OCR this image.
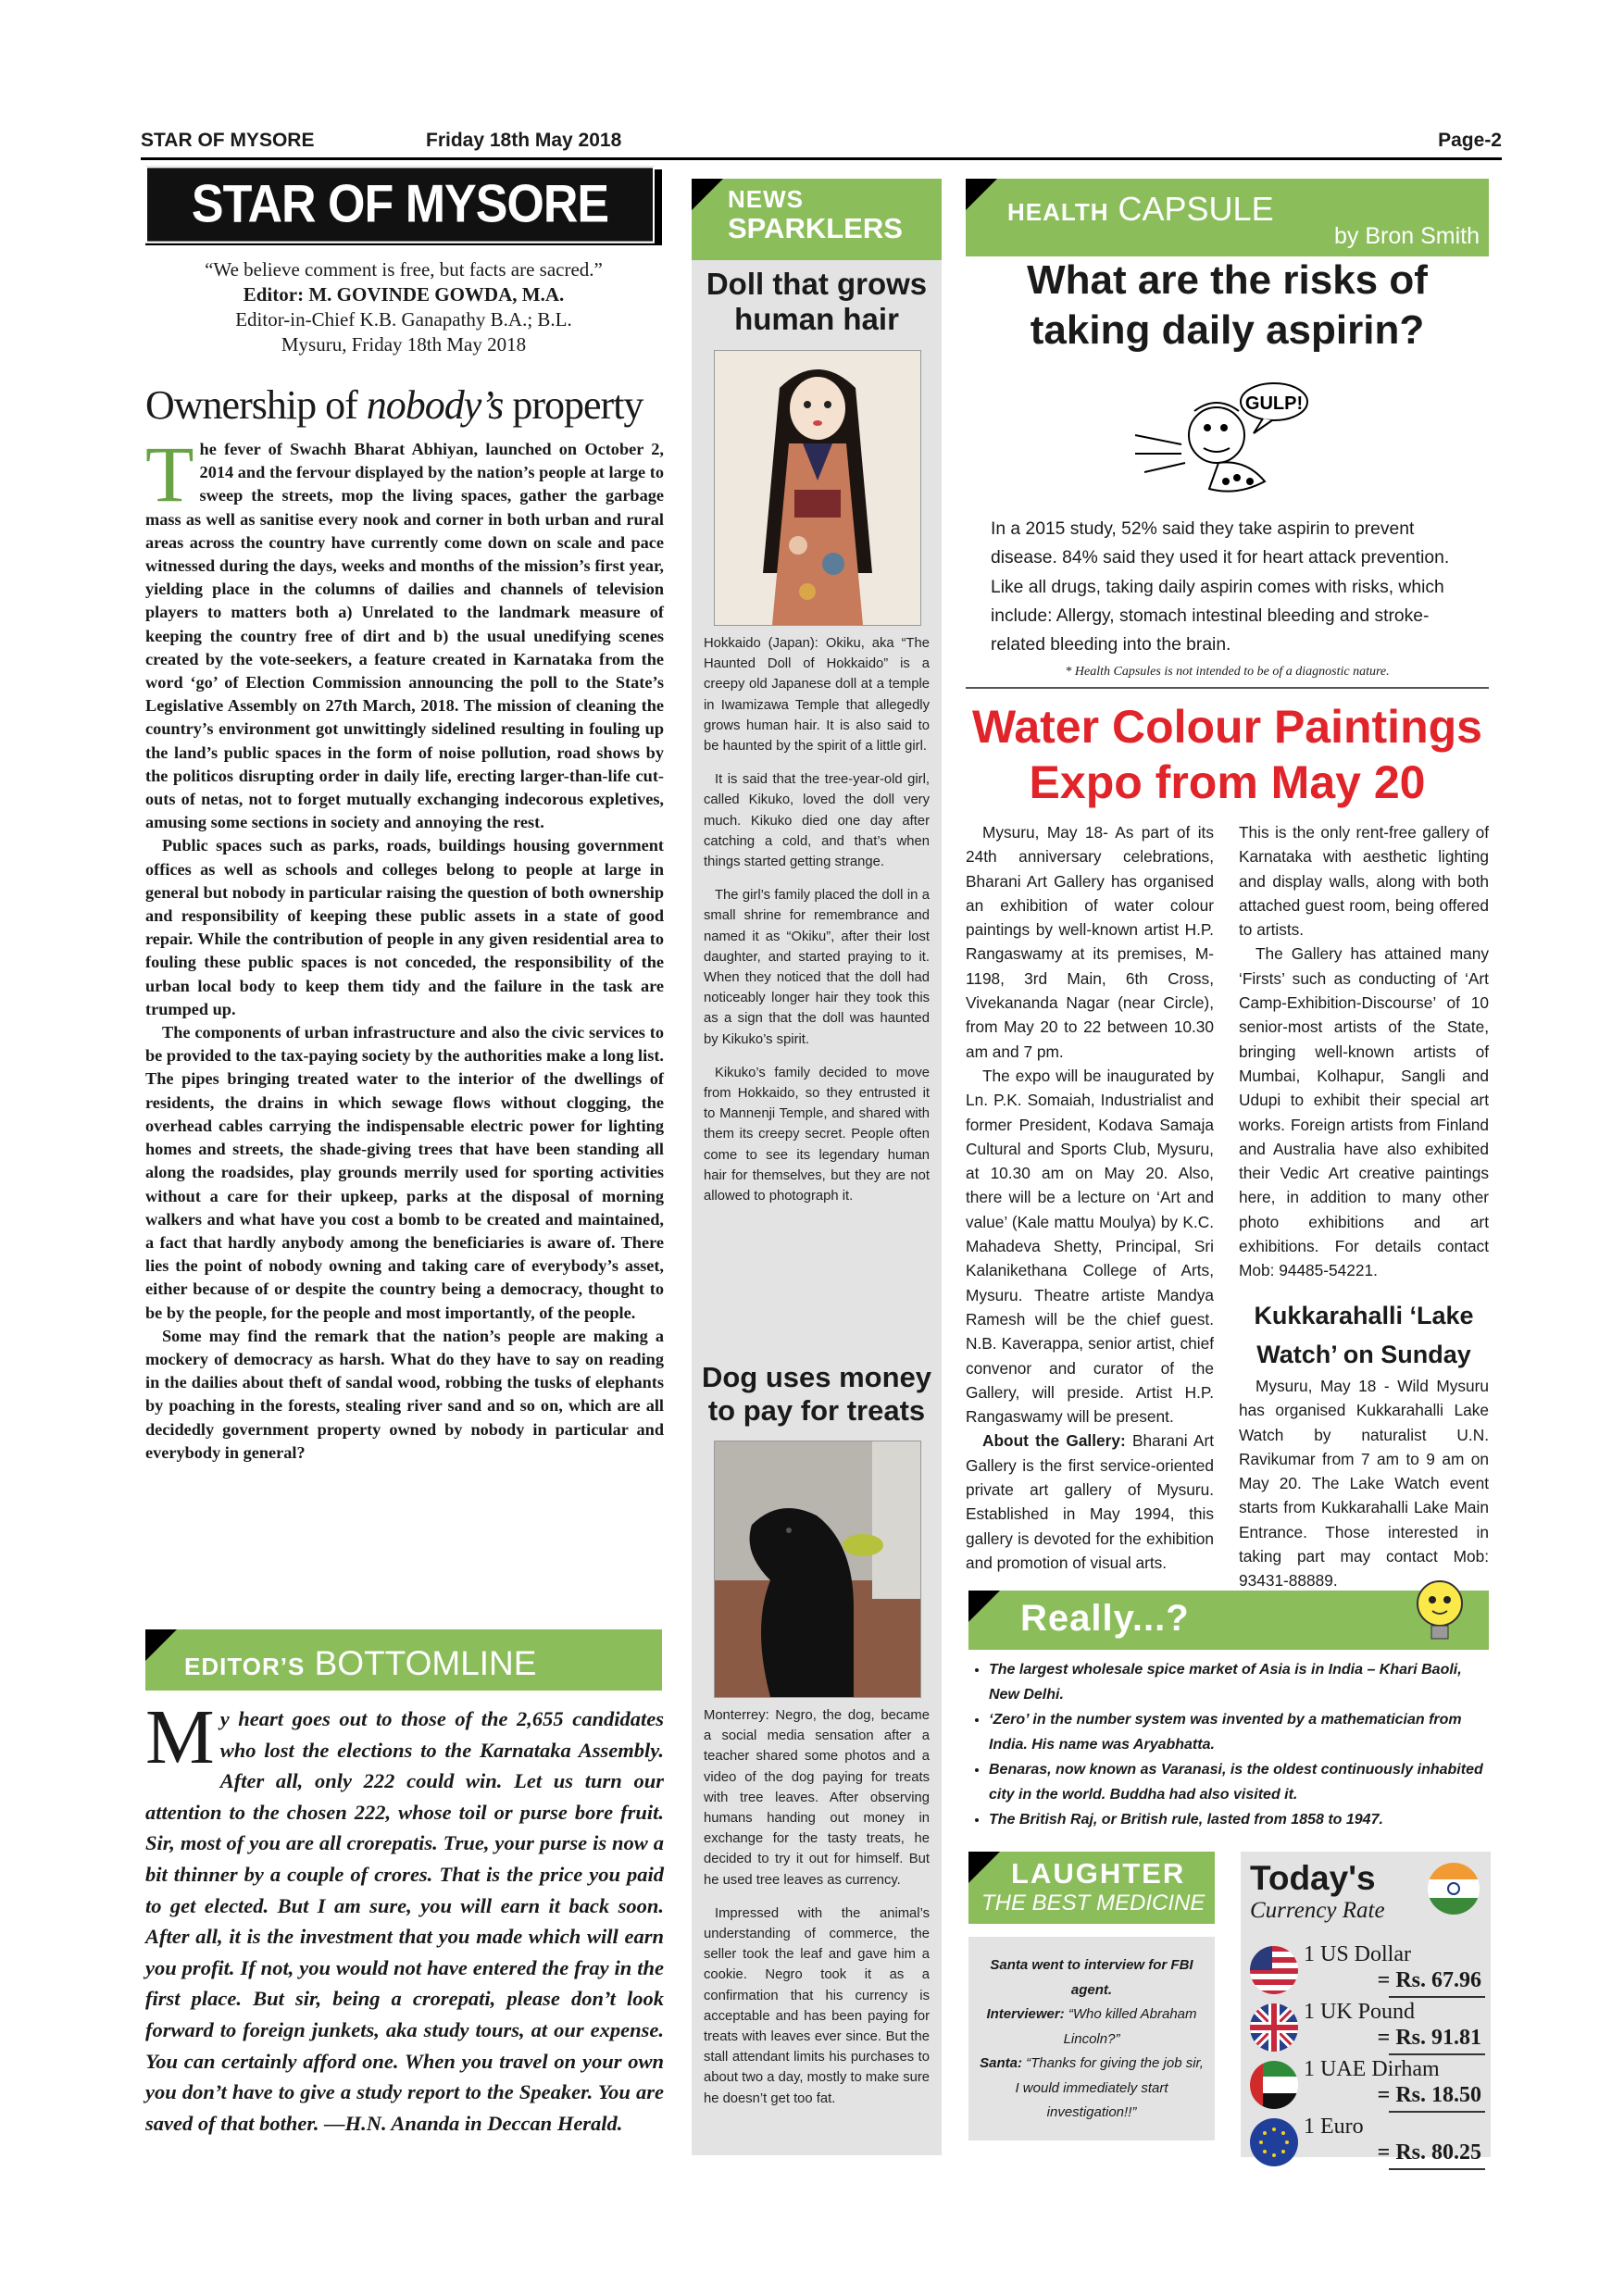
STAR OF MYSORE	Friday 18th May 2018	Page-2
STAR OF MYSORE
“We believe comment is free, but facts are sacred.”
Editor: M. GOVINDE GOWDA, M.A.
Editor-in-Chief K.B. Ganapathy B.A.; B.L.
Mysuru, Friday 18th May 2018
Ownership of nobody’s property

The fever of Swachh Bharat Abhiyan, launched on October 2, 2014 and the fervour displayed by the nation’s people at large to sweep the streets, mop the living spaces, gather the garbage mass as well as sanitise every nook and corner in both urban and rural areas across the country have currently come down on scale and pace witnessed during the days, weeks and months of the mission’s first year, yielding place in the columns of dailies and channels of television players to matters both a) Unrelated to the landmark measure of keeping the country free of dirt and b) the usual unedifying scenes created by the vote-seekers, a feature created in Karnataka from the word ‘go’ of Election Commission announcing the poll to the State’s Legislative Assembly on 27th March, 2018. The mission of cleaning the country’s environment got unwittingly sidelined resulting in fouling up the land’s public spaces in the form of noise pollution, road shows by the politicos disrupting order in daily life, erecting larger-than-life cut-outs of netas, not to forget mutually exchanging indecorous expletives, amusing some sections in society and annoying the rest.

Public spaces such as parks, roads, buildings housing government offices as well as schools and colleges belong to people at large in general but nobody in particular raising the question of both ownership and responsibility of keeping these public assets in a state of good repair. While the contribution of people in any given residential area to fouling these public spaces is not conceded, the responsibility of the urban local body to keep them tidy and the failure in the task are trumped up.

The components of urban infrastructure and also the civic services to be provided to the tax-paying society by the authorities make a long list. The pipes bringing treated water to the interior of the dwellings of residents, the drains in which sewage flows without clogging, the overhead cables carrying the indispensable electric power for lighting homes and streets, the shade-giving trees that have been standing all along the roadsides, play grounds merrily used for sporting activities without a care for their upkeep, parks at the disposal of morning walkers and what have you cost a bomb to be created and maintained, a fact that hardly anybody among the beneficiaries is aware of. There lies the point of nobody owning and taking care of everybody’s asset, either because of or despite the country being a democracy, thought to be by the people, for the people and most importantly, of the people.

Some may find the remark that the nation’s people are making a mockery of democracy as harsh. What do they have to say on reading in the dailies about theft of sandal wood, robbing the tusks of elephants by poaching in the forests, stealing river sand and so on, which are all decidedly government property owned by nobody in particular and everybody in general?

EDITOR’S BOTTOMLINE
My heart goes out to those of the 2,655 candidates who lost the elections to the Karnataka Assembly. After all, only 222 could win. Let us turn our attention to the chosen 222, whose toil or purse bore fruit. Sir, most of you are all crorepatis. True, your purse is now a bit thinner by a couple of crores. That is the price you paid to get elected. But I am sure, you will earn it back soon. After all, it is the investment that you made which will earn you profit. If not, you would not have entered the fray in the first place. But sir, being a crorepati, please don’t look forward to foreign junkets, aka study tours, at our expense. You can certainly afford one. When you travel on your own you don’t have to give a study report to the Speaker. You are saved of that bother. —H.N. Ananda in Deccan Herald.
NEWS
SPARKLERS
Doll that grows human hair

Hokkaido (Japan): Okiku, aka “The Haunted Doll of Hokkaido” is a creepy old Japanese doll at a temple in Iwamizawa Temple that allegedly grows human hair. It is also said to be haunted by the spirit of a little girl.

It is said that the tree-year-old girl, called Kikuko, loved the doll very much. Kikuko died one day after catching a cold, and that’s when things started getting strange.

The girl’s family placed the doll in a small shrine for remembrance and named it as “Okiku”, after their lost daughter, and started praying to it. When they noticed that the doll had noticeably longer hair they took this as a sign that the doll was haunted by Kikuko’s spirit.

Kikuko’s family decided to move from Hokkaido, so they entrusted it to Mannenji Temple, and shared with them its creepy secret. People often come to see its legendary human hair for themselves, but they are not allowed to photograph it.

Dog uses money to pay for treats

Monterrey: Negro, the dog, became a social media sensation after a teacher shared some photos and a video of the dog paying for treats with tree leaves. After observing humans handing out money in exchange for the tasty treats, he decided to try it out for himself. But he used tree leaves as currency.

Impressed with the animal’s understanding of commerce, the seller took the leaf and gave him a cookie. Negro took it as a confirmation that his currency is acceptable and has been paying for treats with leaves ever since. But the stall attendant limits his purchases to about two a day, mostly to make sure he doesn’t get too fat.

HEALTH CAPSULE
by Bron Smith
What are the risks of taking daily aspirin?
GULP!
In a 2015 study, 52% said they take aspirin to prevent disease. 84% said they used it for heart attack prevention. Like all drugs, taking daily aspirin comes with risks, which include: Allergy, stomach intestinal bleeding and stroke-related bleeding into the brain.
* Health Capsules is not intended to be of a diagnostic nature.
Water Colour Paintings Expo from May 20

Mysuru, May 18- As part of its 24th anniversary celebrations, Bharani Art Gallery has organised an exhibition of water colour paintings by well-known artist H.P. Rangaswamy at its premises, M-1198, 3rd Main, 6th Cross, Vivekananda Nagar (near Circle), from May 20 to 22 between 10.30 am and 7 pm.

The expo will be inaugurated by Ln. P.K. Somaiah, Industrialist and former President, Kodava Samaja Cultural and Sports Club, Mysuru, at 10.30 am on May 20. Also, there will be a lecture on ‘Art and value’ (Kale mattu Moulya) by K.C. Mahadeva Shetty, Principal, Sri Kalanikethana College of Arts, Mysuru. Theatre artiste Mandya Ramesh will be the chief guest. N.B. Kaverappa, senior artist, chief convenor and curator of the Gallery, will preside. Artist H.P. Rangaswamy will be present.

About the Gallery: Bharani Art Gallery is the first service-oriented private art gallery of Mysuru. Established in May 1994, this gallery is devoted for the exhibition and promotion of visual arts.

This is the only rent-free gallery of Karnataka with aesthetic lighting and display walls, along with both attached guest room, being offered to artists.

The Gallery has attained many ‘Firsts’ such as conducting of ‘Art Camp-Exhibition-Discourse’ of 10 senior-most artists of the State, bringing well-known artists of Mumbai, Kolhapur, Sangli and Udupi to exhibit their special art works. Foreign artists from Finland and Australia have also exhibited their Vedic Art creative paintings here, in addition to many other photo exhibitions and art exhibitions. For details contact Mob: 94485-54221.

Kukkarahalli ‘Lake Watch’ on Sunday

Mysuru, May 18 - Wild Mysuru has organised Kukkarahalli Lake Watch by naturalist U.N. Ravikumar from 7 am to 9 am on May 20. The Lake Watch event starts from Kukkarahalli Lake Main Entrance. Those interested in taking part may contact Mob: 93431-88889.

Really...?
• The largest wholesale spice market of Asia is in India – Khari Baoli, New Delhi.
• ‘Zero’ in the number system was invented by a mathematician from India. His name was Aryabhatta.
• Benaras, now known as Varanasi, is the oldest continuously inhabited city in the world. Buddha had also visited it.
• The British Raj, or British rule, lasted from 1858 to 1947.
LAUGHTER
THE BEST MEDICINE
Santa went to interview for FBI agent.
Interviewer: “Who killed Abraham Lincoln?”
Santa: “Thanks for giving the job sir, I would immediately start investigation!!”
Today's
Currency Rate
1 US Dollar
= Rs. 67.96
1 UK Pound
= Rs. 91.81
1 UAE Dirham
= Rs. 18.50
1 Euro
= Rs. 80.25
